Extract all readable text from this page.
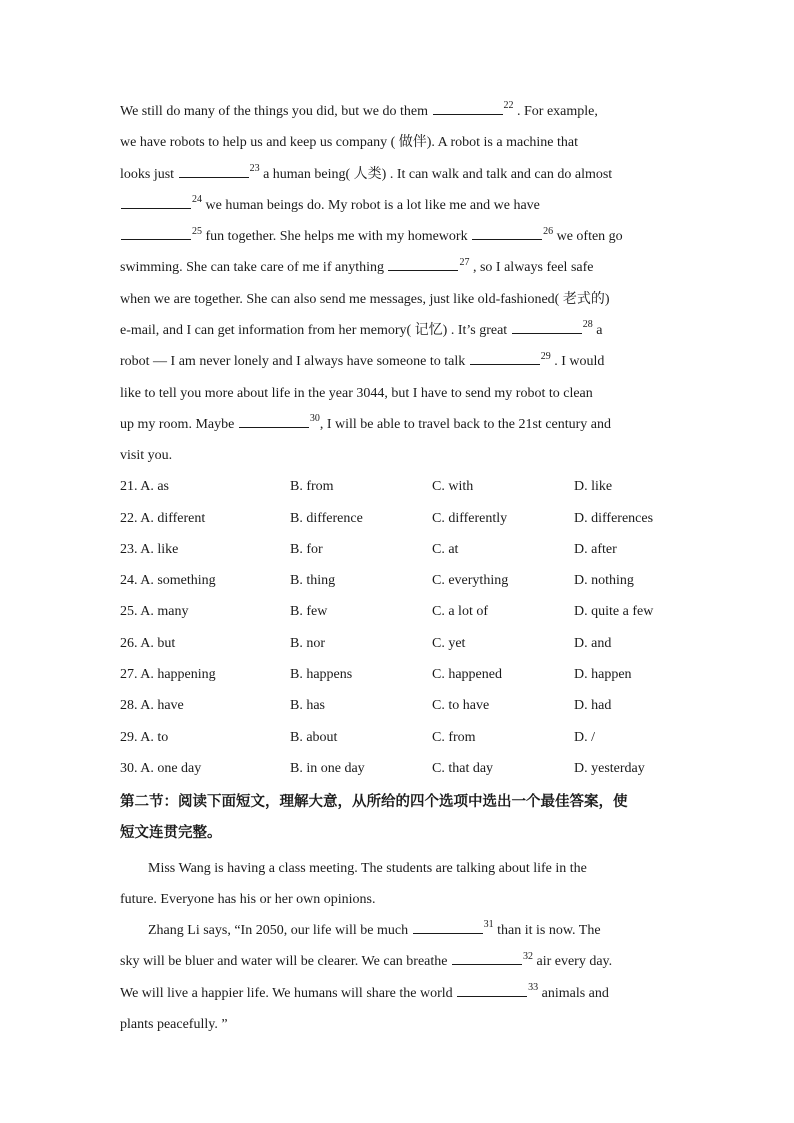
We still do many of the things you did, but we do them	$^{22}$ . For example,

we have robots to help us and keep us company ( 做伴). A robot is a machine that

looks just	$^{23}$ a human being( 人类) . It can walk and talk and can do almost

$^{24}$ we human beings do. My robot is a lot like me and we have

$^{25}$ fun together. She helps me with my homework	$^{26}$ we often go

swimming. She can take care of me if anything	$^{27}$ , so I always feel safe

when we are together. She can also send me messages, just like old-fashioned( 老式的)

e-mail, and I can get information from her memory( 记忆) . It’s great	$^{28}$ a

robot — I am never lonely and I always have someone to talk	$^{29}$ . I would

like to tell you more about life in the year 3044, but I have to send my robot to clean

up my room. Maybe	$^{30}$, I will be able to travel back to the 21st century and

visit you.

21. A. as	B. from	C. with	D. like
22. A. different	B. difference	C. differently	D. differences
23. A. like	B. for	C. at	D. after
24. A. something	B. thing	C. everything	D. nothing
25. A. many	B. few	C. a lot of	D. quite a few
26. A. but	B. nor	C. yet	D. and
27. A. happening	B. happens	C. happened	D. happen
28. A. have	B. has	C. to have	D. had
29. A. to	B. about	C. from	D. /
30. A. one day	B. in one day	C. that day	D. yesterday
第二节：阅读下面短文，理解大意，从所给的四个选项中选出一个最佳答案，使
短文连贯完整。

Miss Wang is having a class meeting. The students are talking about life in the

future. Everyone has his or her own opinions.

Zhang Li says, “In 2050, our life will be much	$^{31}$ than it is now. The

sky will be bluer and water will be clearer. We can breathe	$^{32}$ air every day.

We will live a happier life. We humans will share the world	$^{33}$ animals and

plants peacefully. ”
